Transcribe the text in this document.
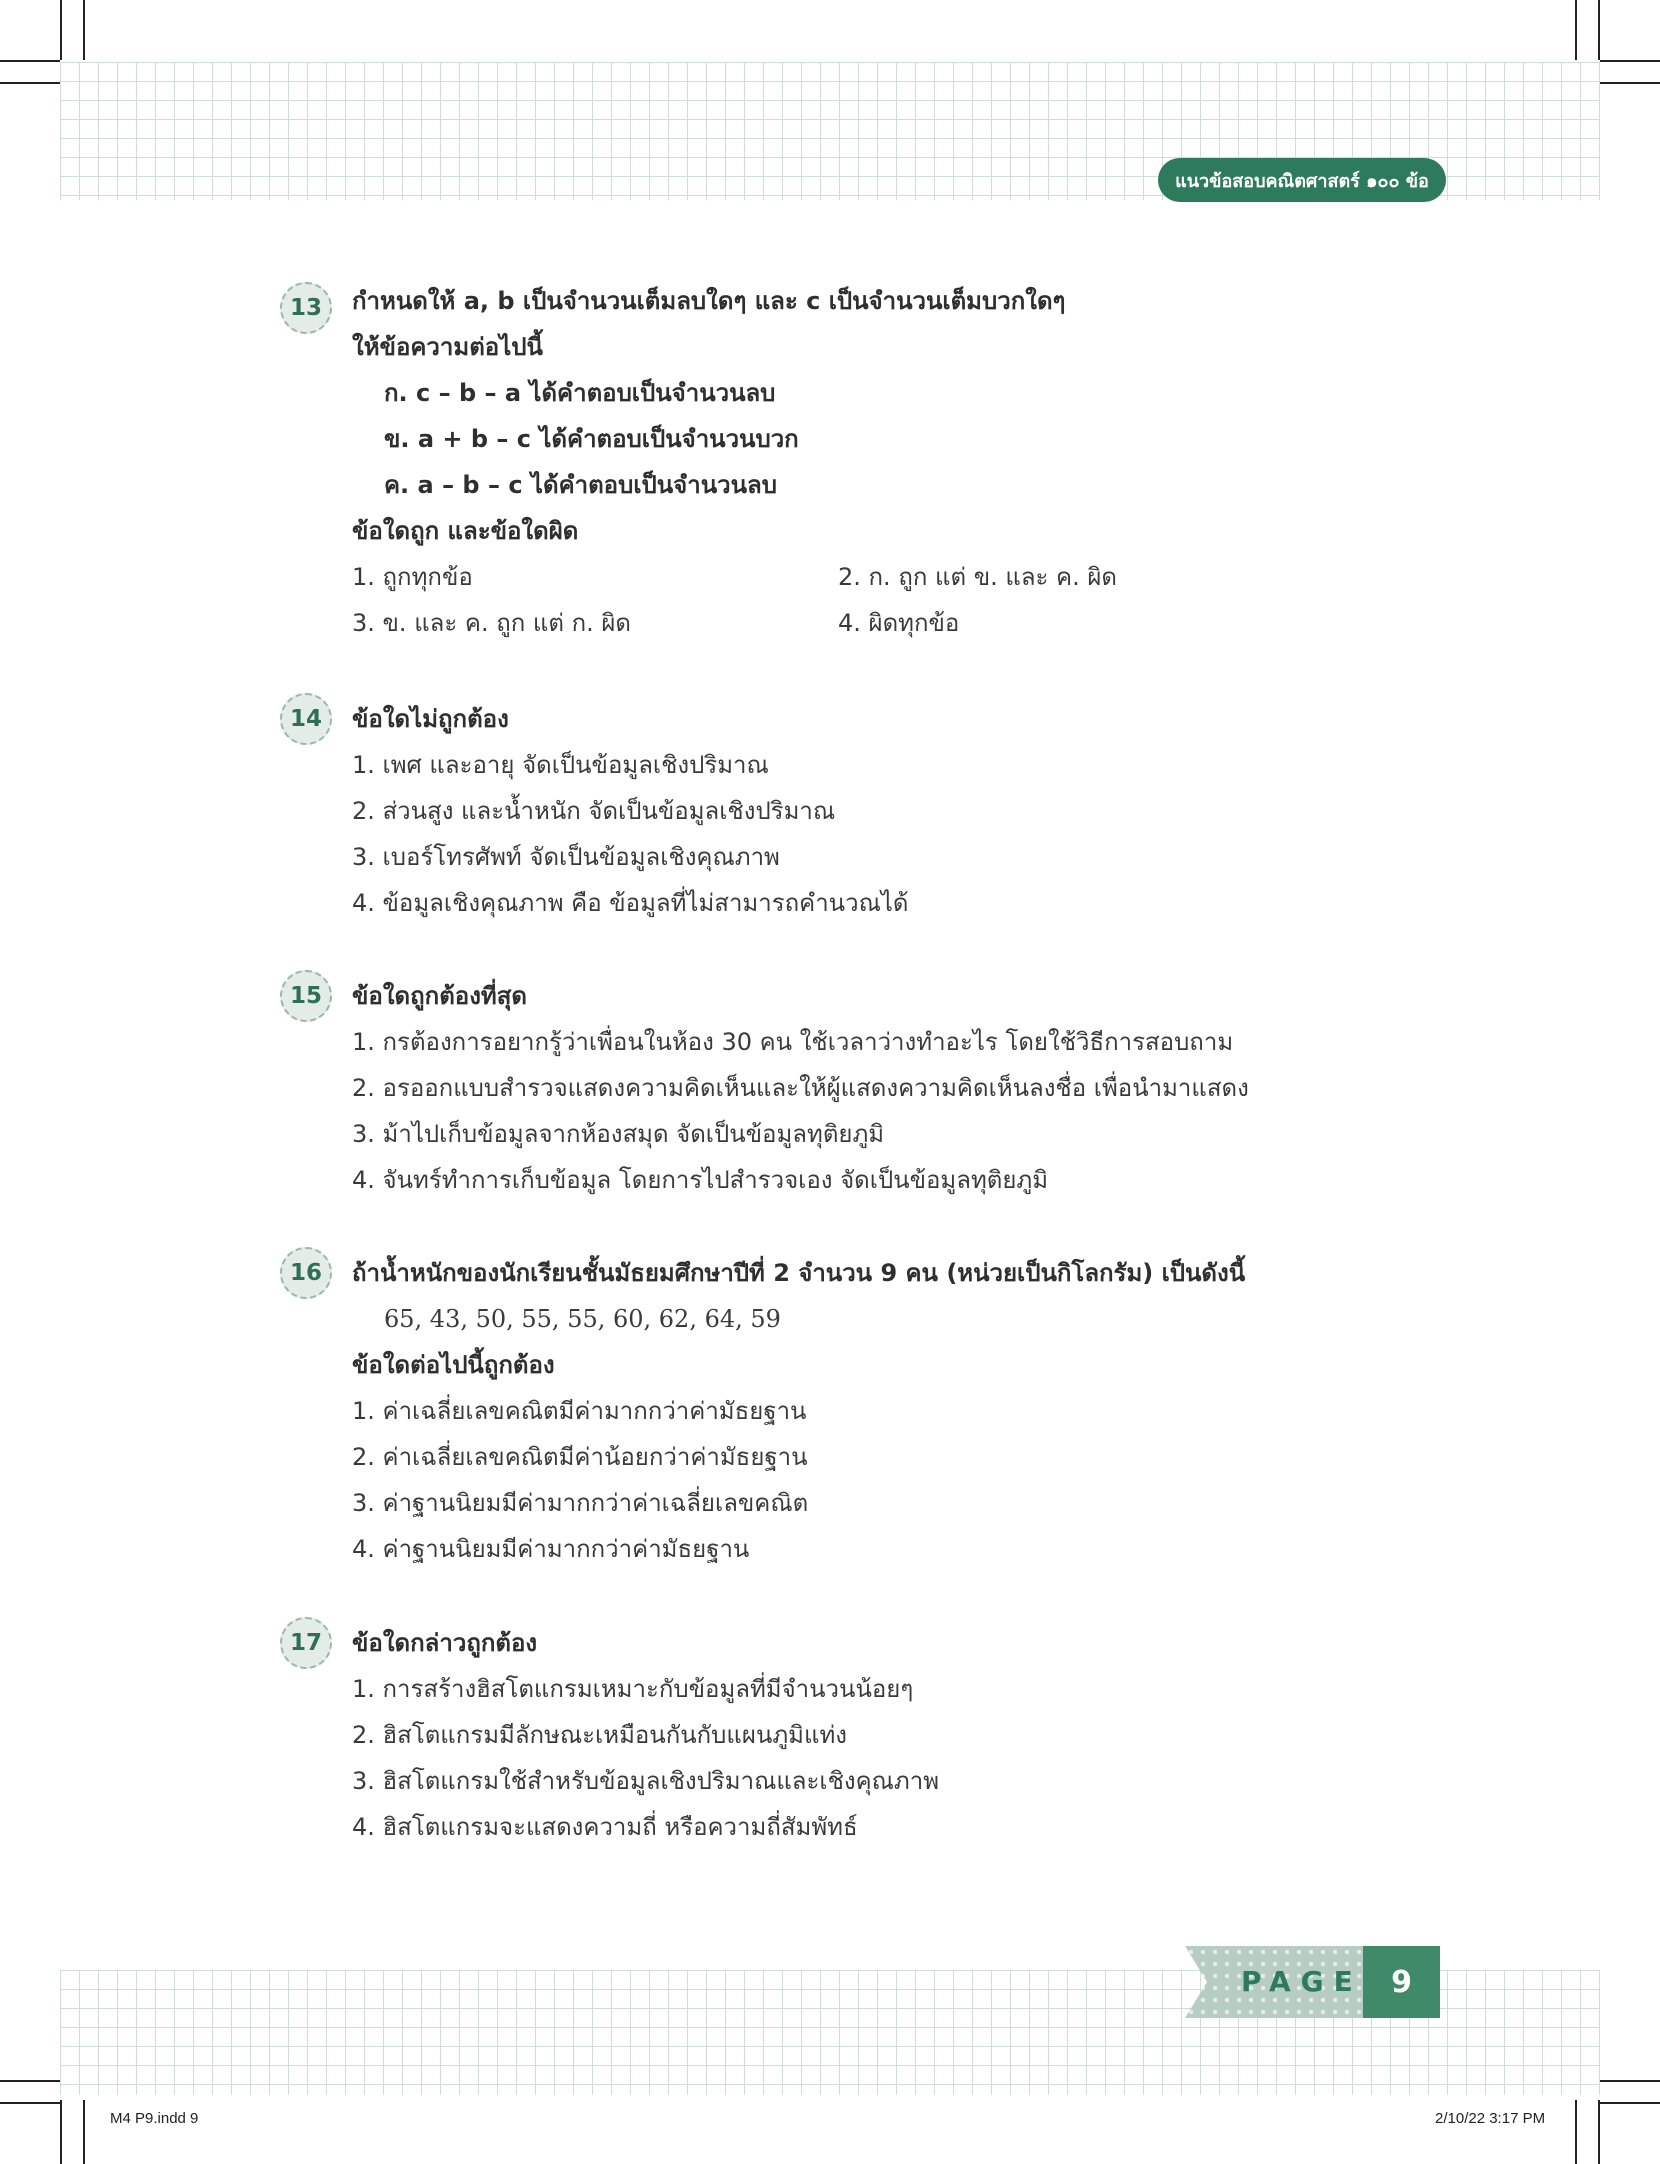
แนวข้อสอบคณิตศาสตร์ ๑๐๐ ข้อ
13	กำหนดให้ a, b เป็นจำนวนเต็มลบใดๆ และ c เป็นจำนวนเต็มบวกใดๆ
ให้ข้อความต่อไปนี้
ก. c – b – a ได้คำตอบเป็นจำนวนลบ
ข. a + b – c ได้คำตอบเป็นจำนวนบวก
ค. a – b – c ได้คำตอบเป็นจำนวนลบ
ข้อใดถูก และข้อใดผิด
1. ถูกทุกข้อ	2. ก. ถูก แต่ ข. และ ค. ผิด
3. ข. และ ค. ถูก แต่ ก. ผิด	4. ผิดทุกข้อ
14	ข้อใดไม่ถูกต้อง
1. เพศ และอายุ จัดเป็นข้อมูลเชิงปริมาณ
2. ส่วนสูง และน้ำหนัก จัดเป็นข้อมูลเชิงปริมาณ
3. เบอร์โทรศัพท์ จัดเป็นข้อมูลเชิงคุณภาพ
4. ข้อมูลเชิงคุณภาพ คือ ข้อมูลที่ไม่สามารถคำนวณได้
15	ข้อใดถูกต้องที่สุด
1. กรต้องการอยากรู้ว่าเพื่อนในห้อง 30 คน ใช้เวลาว่างทำอะไร โดยใช้วิธีการสอบถาม
2. อรออกแบบสำรวจแสดงความคิดเห็นและให้ผู้แสดงความคิดเห็นลงชื่อ เพื่อนำมาแสดง
3. ม้าไปเก็บข้อมูลจากห้องสมุด จัดเป็นข้อมูลทุติยภูมิ
4. จันทร์ทำการเก็บข้อมูล โดยการไปสำรวจเอง จัดเป็นข้อมูลทุติยภูมิ
16	ถ้าน้ำหนักของนักเรียนชั้นมัธยมศึกษาปีที่ 2 จำนวน 9 คน (หน่วยเป็นกิโลกรัม) เป็นดังนี้
65, 43, 50, 55, 55, 60, 62, 64, 59
ข้อใดต่อไปนี้ถูกต้อง
1. ค่าเฉลี่ยเลขคณิตมีค่ามากกว่าค่ามัธยฐาน
2. ค่าเฉลี่ยเลขคณิตมีค่าน้อยกว่าค่ามัธยฐาน
3. ค่าฐานนิยมมีค่ามากกว่าค่าเฉลี่ยเลขคณิต
4. ค่าฐานนิยมมีค่ามากกว่าค่ามัธยฐาน
17	ข้อใดกล่าวถูกต้อง
1. การสร้างฮิสโตแกรมเหมาะกับข้อมูลที่มีจำนวนน้อยๆ
2. ฮิสโตแกรมมีลักษณะเหมือนกันกับแผนภูมิแท่ง
3. ฮิสโตแกรมใช้สำหรับข้อมูลเชิงปริมาณและเชิงคุณภาพ
4. ฮิสโตแกรมจะแสดงความถี่ หรือความถี่สัมพัทธ์
PAGE 9
M4 P9.indd 9	2/10/22 3:17 PM
